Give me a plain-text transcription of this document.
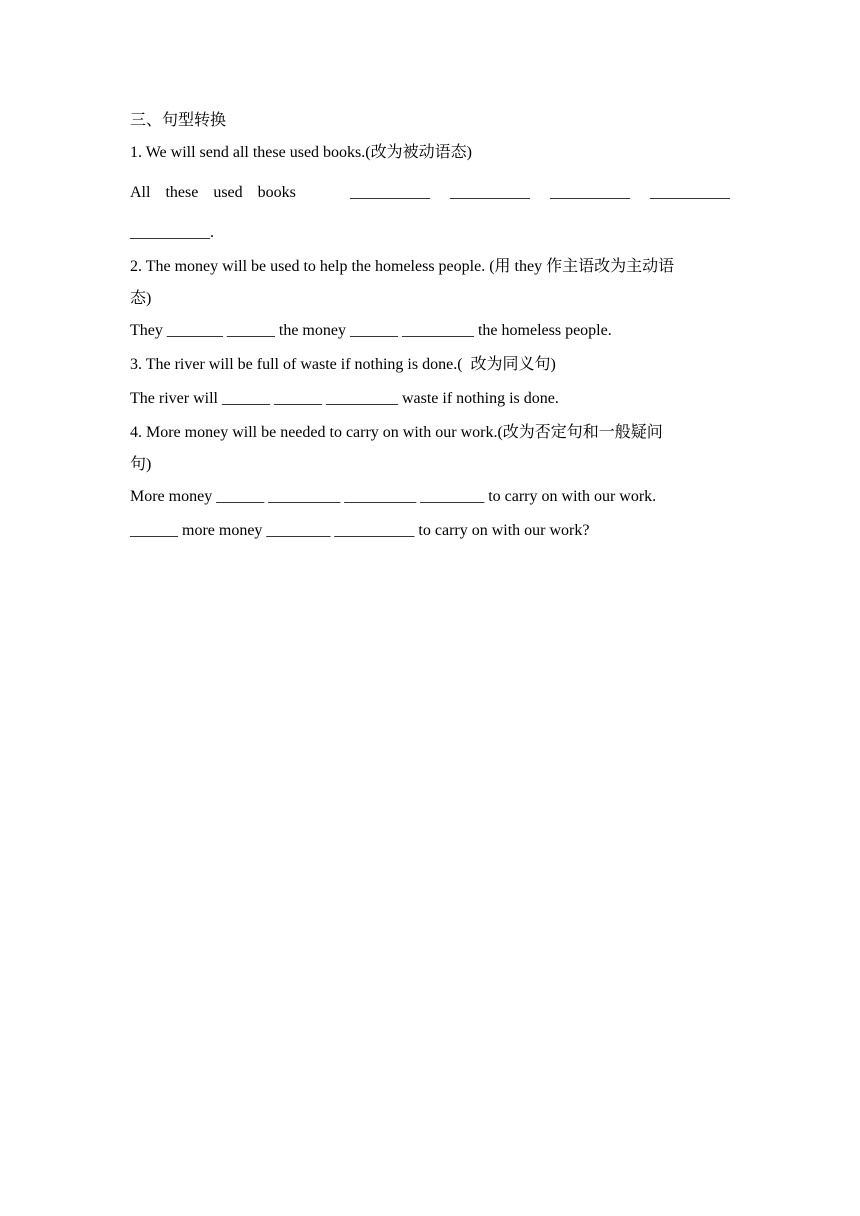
三、句型转换
1. We will send all these used books.(改为被动语态)
All these used books	__________ __________ __________ __________
__________.
2. The money will be used to help the homeless people. (用 they 作主语改为主动语
态)
They _______ ______ the money ______ _________ the homeless people.
3. The river will be full of waste if nothing is done.(  改为同义句)
The river will ______ ______ _________ waste if nothing is done.
4. More money will be needed to carry on with our work.(改为否定句和一般疑问
句)
More money ______ _________ _________ ________ to carry on with our work.
______ more money ________ __________ to carry on with our work?
